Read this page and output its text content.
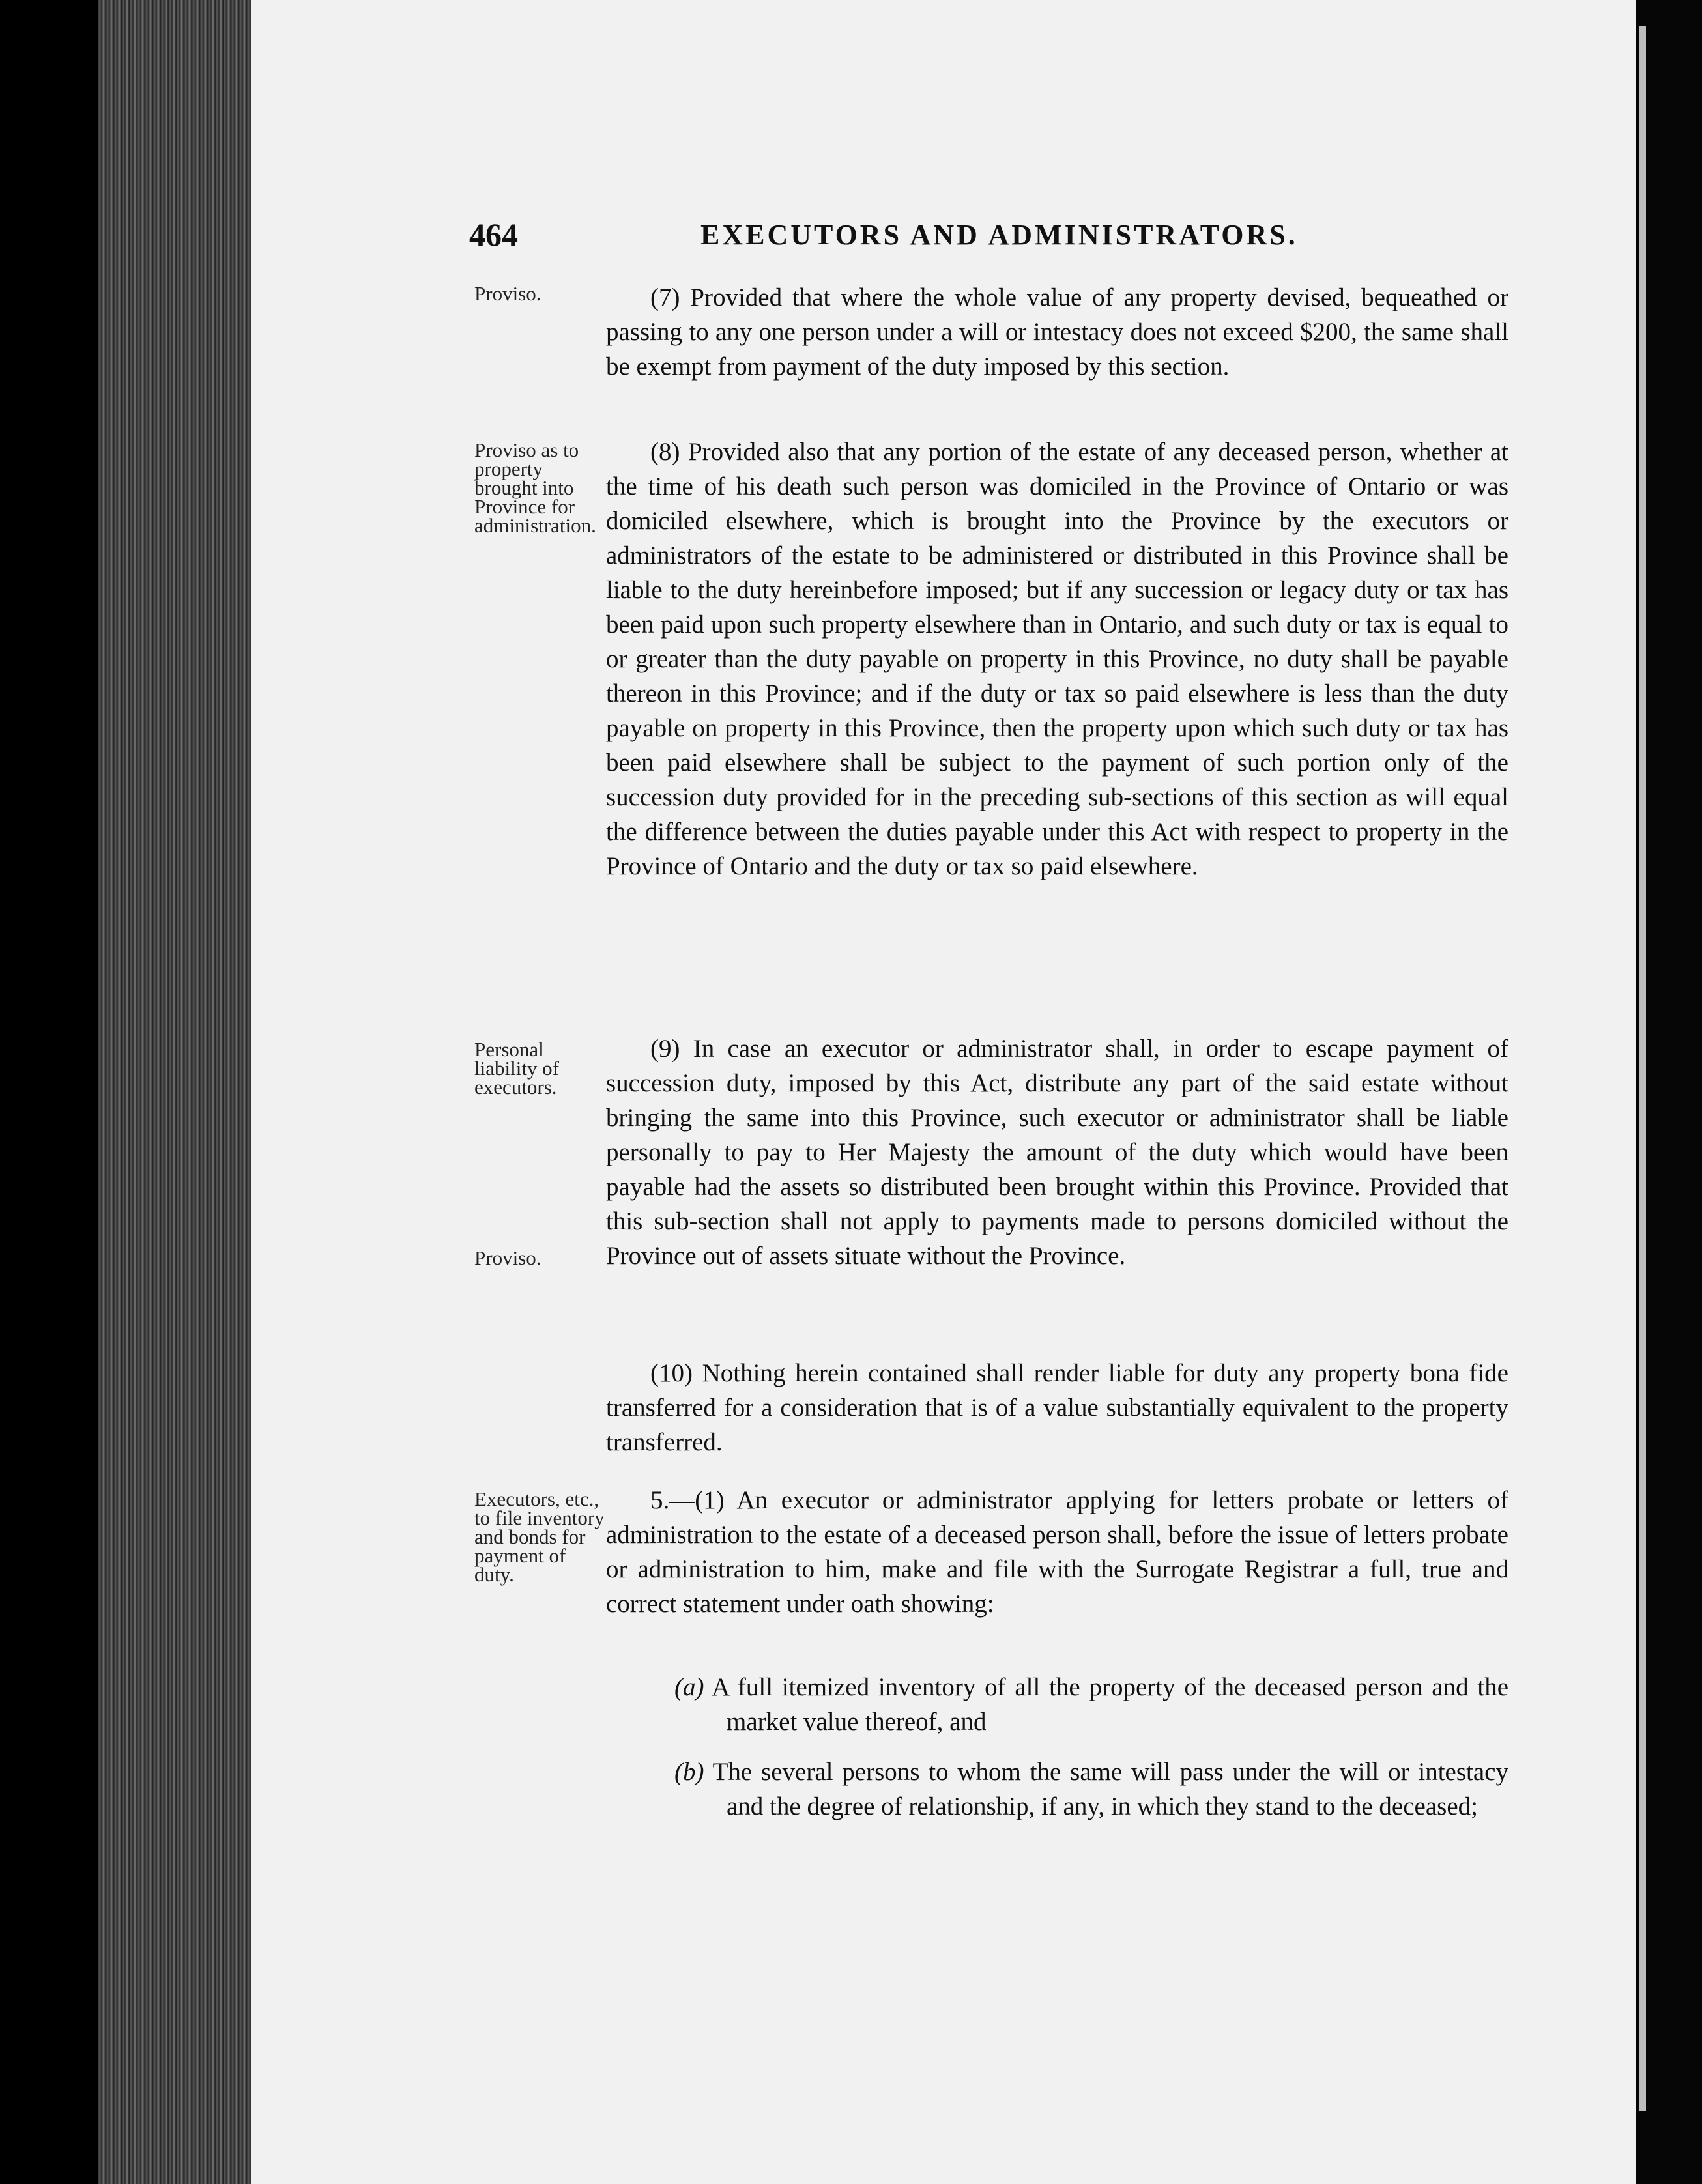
464	EXECUTORS AND ADMINISTRATORS.
Proviso.
Proviso as to property brought into Province for administration.
Personal liability of executors.
Proviso.
Executors, etc., to file inventory and bonds for payment of duty.

(7) Provided that where the whole value of any property devised, bequeathed or passing to any one person under a will or intestacy does not exceed $200, the same shall be exempt from payment of the duty imposed by this section.

(8) Provided also that any portion of the estate of any deceased person, whether at the time of his death such person was domiciled in the Province of Ontario or was domiciled elsewhere, which is brought into the Province by the executors or administrators of the estate to be administered or distributed in this Province shall be liable to the duty hereinbefore imposed; but if any succession or legacy duty or tax has been paid upon such property elsewhere than in Ontario, and such duty or tax is equal to or greater than the duty payable on property in this Province, no duty shall be payable thereon in this Province; and if the duty or tax so paid elsewhere is less than the duty payable on property in this Province, then the property upon which such duty or tax has been paid elsewhere shall be subject to the payment of such portion only of the succession duty provided for in the preceding sub-sections of this section as will equal the difference between the duties payable under this Act with respect to property in the Province of Ontario and the duty or tax so paid elsewhere.

(9) In case an executor or administrator shall, in order to escape payment of succession duty, imposed by this Act, distribute any part of the said estate without bringing the same into this Province, such executor or administrator shall be liable personally to pay to Her Majesty the amount of the duty which would have been payable had the assets so distributed been brought within this Province. Provided that this sub-section shall not apply to payments made to persons domiciled without the Province out of assets situate without the Province.

(10) Nothing herein contained shall render liable for duty any property bona fide transferred for a consideration that is of a value substantially equivalent to the property transferred.

5.—(1) An executor or administrator applying for letters probate or letters of administration to the estate of a deceased person shall, before the issue of letters probate or administration to him, make and file with the Surrogate Registrar a full, true and correct statement under oath showing:

(a) A full itemized inventory of all the property of the deceased person and the market value thereof, and
(b) The several persons to whom the same will pass under the will or intestacy and the degree of relationship, if any, in which they stand to the deceased;
